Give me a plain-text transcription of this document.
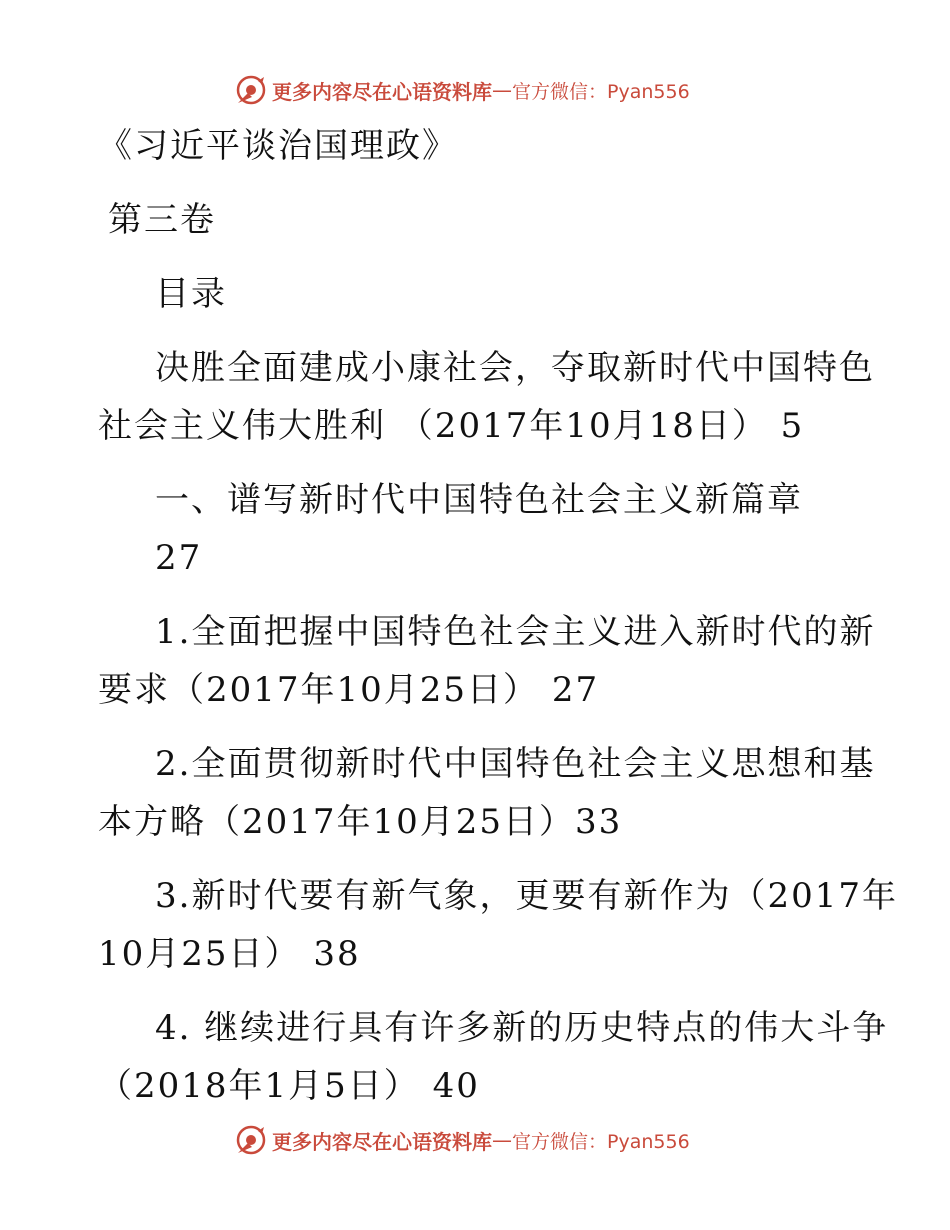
更多内容尽在心语资料库 — 官方微信：Pyan556
《习近平谈治国理政》
第三卷
目录
决胜全面建成小康社会，夺取新时代中国特色
社会主义伟大胜利 （2017年10月18日） 5
一、谱写新时代中国特色社会主义新篇章
27
1.全面把握中国特色社会主义进入新时代的新
要求（2017年10月25日） 27
2.全面贯彻新时代中国特色社会主义思想和基
本方略（2017年10月25日）33
3.新时代要有新气象，更要有新作为（2017年
10月25日） 38
4. 继续进行具有许多新的历史特点的伟大斗争
（2018年1月5日） 40
更多内容尽在心语资料库 — 官方微信：Pyan556
